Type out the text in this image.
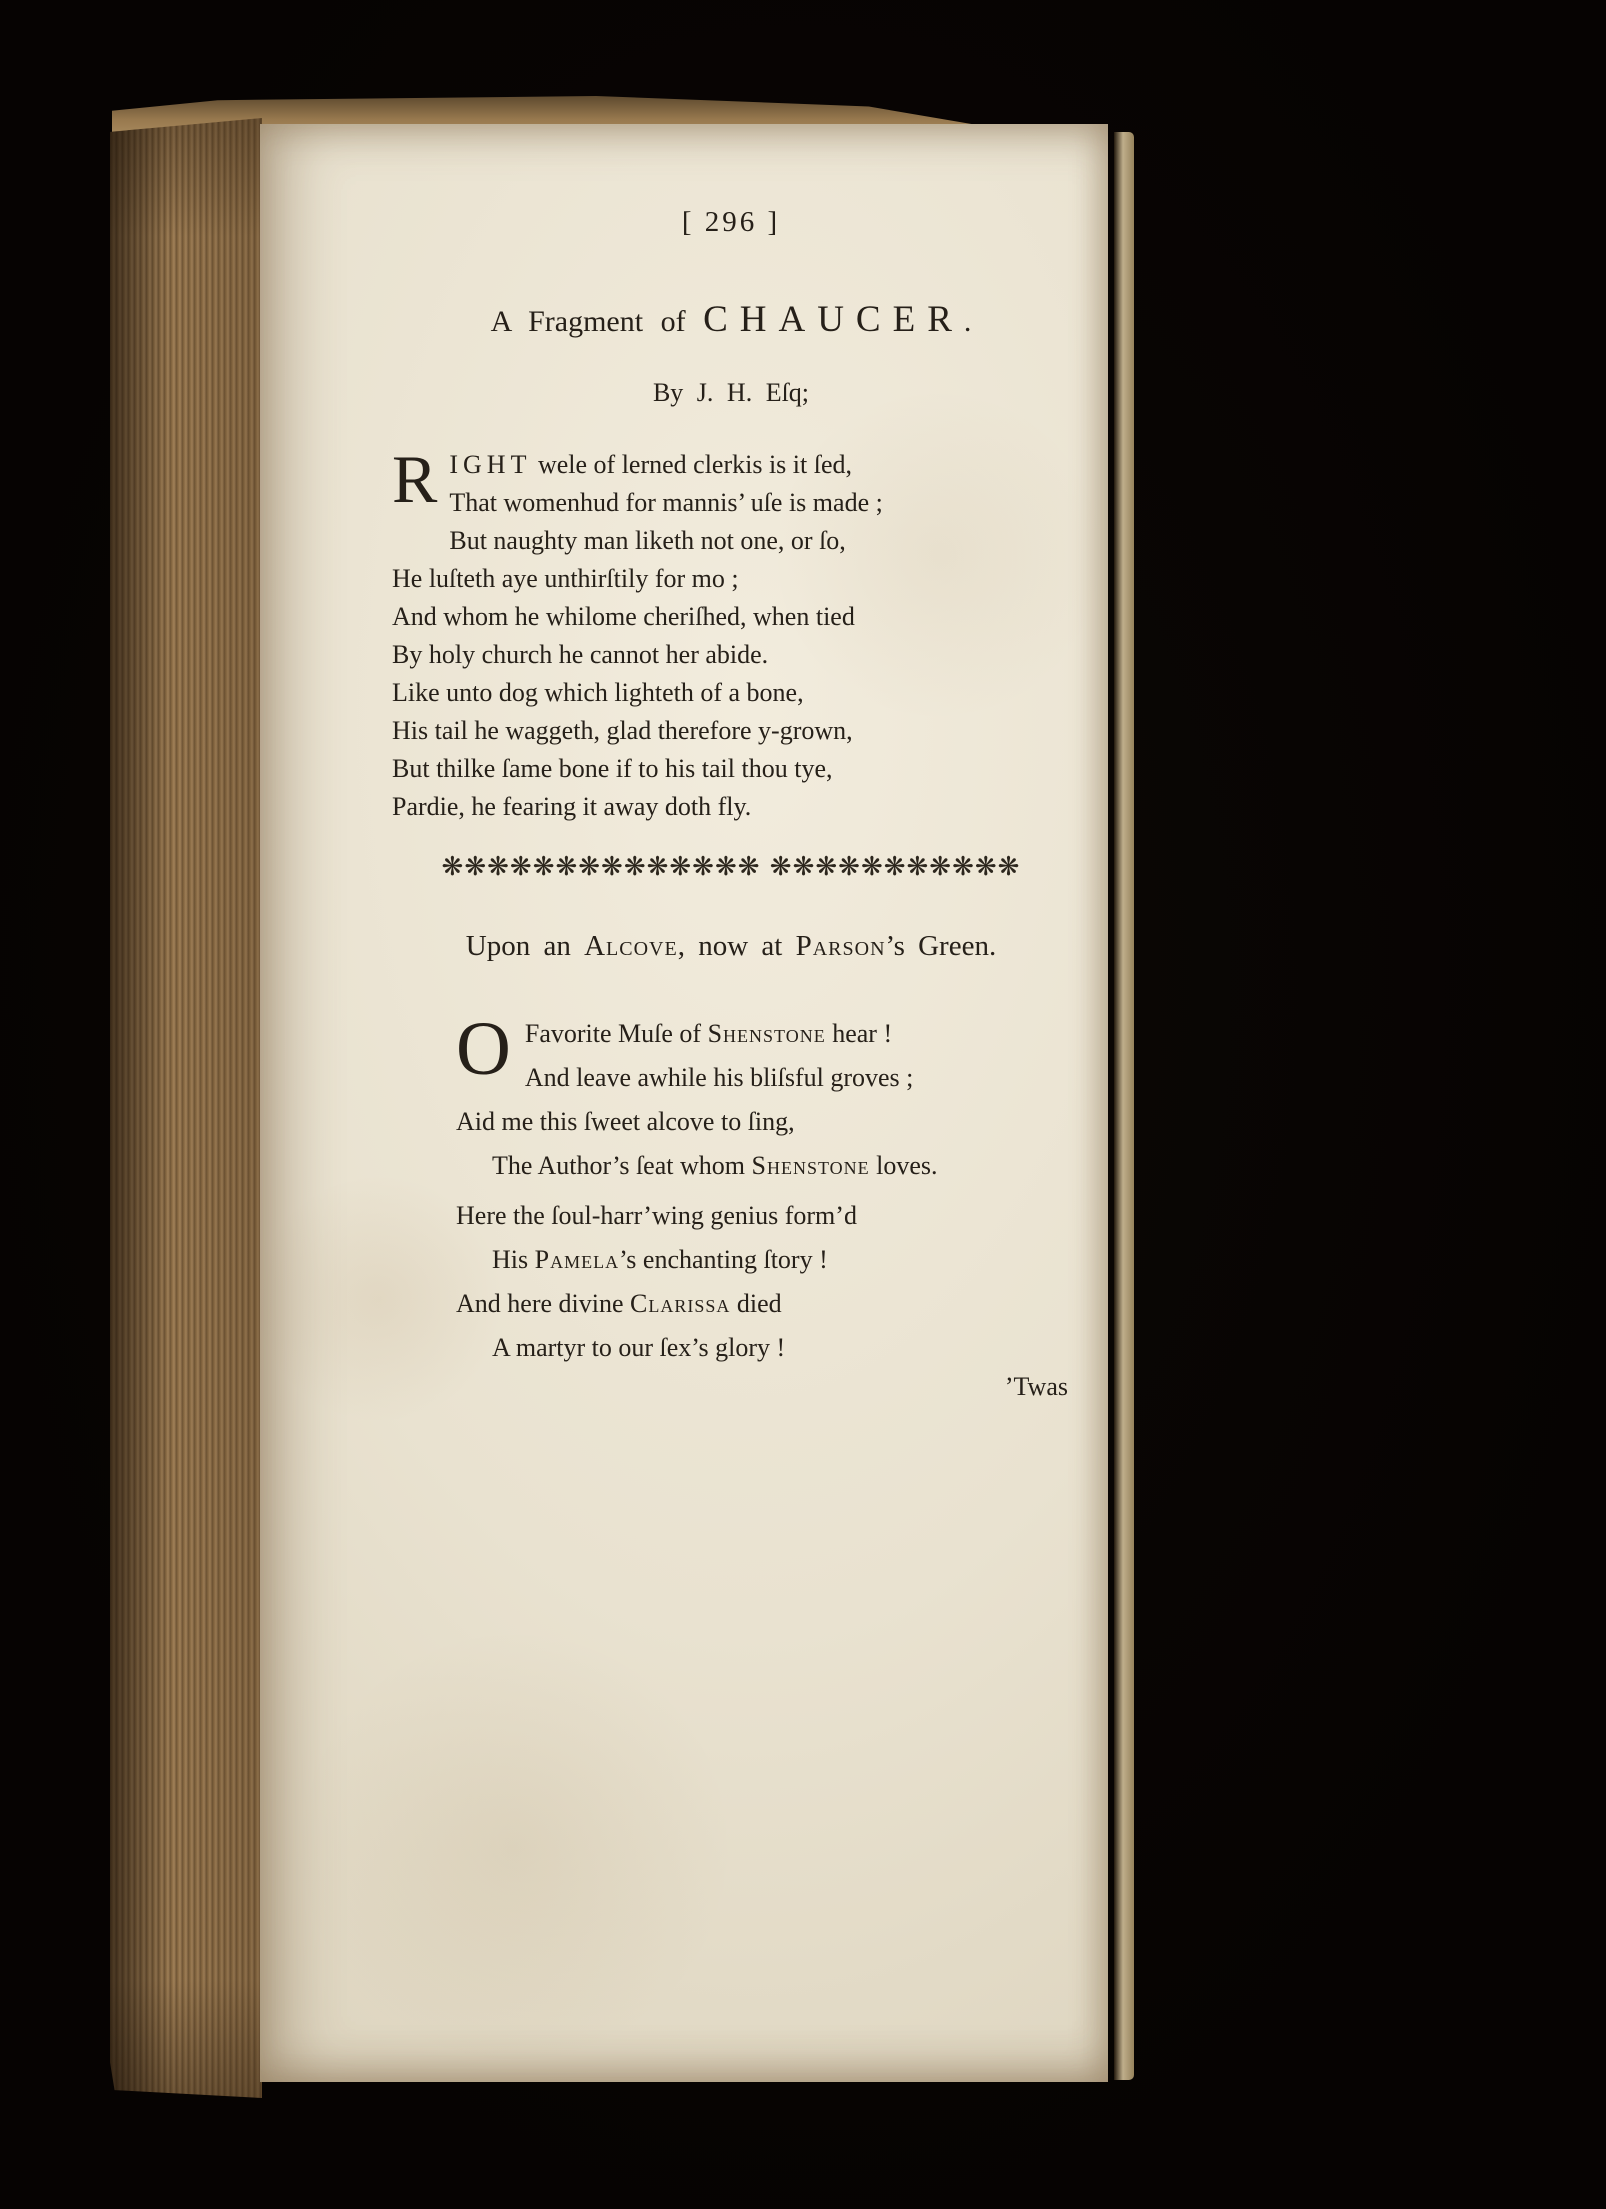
[ 296 ]
A Fragment of CHAUCER.
By J. H. Eſq;
R IGHT wele of lerned clerkis is it ſed,
That womenhud for mannis’ uſe is made ;
But naughty man liketh not one, or ſo,
He luſteth aye unthirſtily for mo ;
And whom he whilome cheriſhed, when tied
By holy church he cannot her abide.
Like unto dog which lighteth of a bone,
His tail he waggeth, glad therefore y-grown,
But thilke ſame bone if to his tail thou tye,
Pardie, he fearing it away doth fly.
❋❋❋❋❋❋❋❋❋❋❋❋❋❋ ❋❋❋❋❋❋❋❋❋❋❋
Upon an Alcove, now at Parson’s Green.
O Favorite Muſe of Shenstone hear !
And leave awhile his bliſsful groves ;
Aid me this ſweet alcove to ſing,
The Author’s ſeat whom Shenstone loves.
Here the ſoul-harr’wing genius form’d
His Pamela’s enchanting ſtory !
And here divine Clarissa died
A martyr to our ſex’s glory !
’Twas
